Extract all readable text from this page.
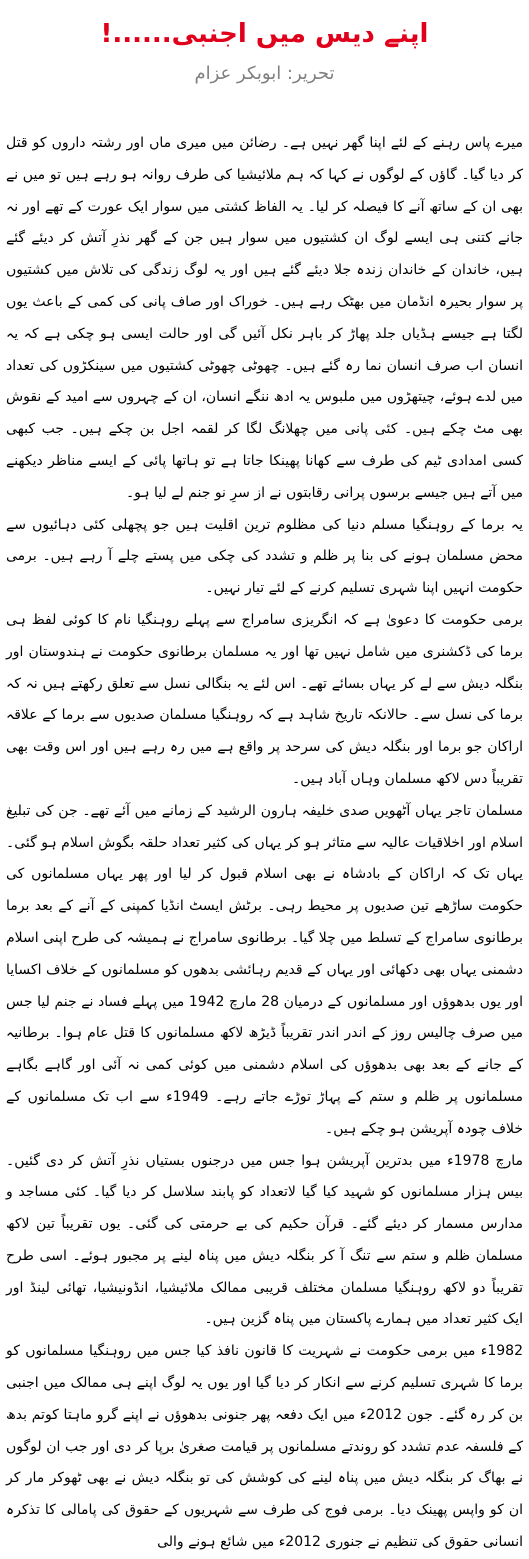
اپنے دیس میں اجنبی......!
تحریر: ابوبکر عزام

میرے پاس رہنے کے لئے اپنا گھر نہیں ہے۔ رضائن میں میری ماں اور رشتہ داروں کو قتل کر دیا گیا۔ گاؤں کے لوگوں نے کہا کہ ہم ملائیشیا کی طرف روانہ ہو رہے ہیں تو میں نے بھی ان کے ساتھ آنے کا فیصلہ کر لیا۔ یہ الفاظ کشتی میں سوار ایک عورت کے تھے اور نہ جانے کتنی ہی ایسے لوگ ان کشتیوں میں سوار ہیں جن کے گھر نذرِ آتش کر دیئے گئے ہیں، خاندان کے خاندان زندہ جلا دیئے گئے ہیں اور یہ لوگ زندگی کی تلاش میں کشتیوں پر سوار بحیرہ انڈمان میں بھٹک رہے ہیں۔ خوراک اور صاف پانی کی کمی کے باعث یوں لگتا ہے جیسے ہڈیاں جلد پھاڑ کر باہر نکل آئیں گی اور حالت ایسی ہو چکی ہے کہ یہ انسان اب صرف انسان نما رہ گئے ہیں۔ چھوٹی چھوٹی کشتیوں میں سینکڑوں کی تعداد میں لدے ہوئے، چیتھڑوں میں ملبوس یہ ادھ ننگے انسان، ان کے چہروں سے امید کے نقوش بھی مٹ چکے ہیں۔ کئی پانی میں چھلانگ لگا کر لقمہ اجل بن چکے ہیں۔ جب کبھی کسی امدادی ٹیم کی طرف سے کھانا پھینکا جاتا ہے تو ہاتھا پائی کے ایسے مناظر دیکھنے میں آتے ہیں جیسے برسوں پرانی رقابتوں نے از سرِ نو جنم لے لیا ہو۔

یہ برما کے روہنگیا مسلم دنیا کی مظلوم ترین اقلیت ہیں جو پچھلی کئی دہائیوں سے محض مسلمان ہونے کی بنا پر ظلم و تشدد کی چکی میں پستے چلے آ رہے ہیں۔ برمی حکومت انہیں اپنا شہری تسلیم کرنے کے لئے تیار نہیں۔

برمی حکومت کا دعویٰ ہے کہ انگریزی سامراج سے پہلے روہنگیا نام کا کوئی لفظ ہی برما کی ڈکشنری میں شامل نہیں تھا اور یہ مسلمان برطانوی حکومت نے ہندوستان اور بنگلہ دیش سے لے کر یہاں بسائے تھے۔ اس لئے یہ بنگالی نسل سے تعلق رکھتے ہیں نہ کہ برما کی نسل سے۔ حالانکہ تاریخ شاہد ہے کہ روہنگیا مسلمان صدیوں سے برما کے علاقہ اراکان جو برما اور بنگلہ دیش کی سرحد پر واقع ہے میں رہ رہے ہیں اور اس وقت بھی تقریباً دس لاکھ مسلمان وہاں آباد ہیں۔

مسلمان تاجر یہاں آٹھویں صدی خلیفہ ہارون الرشید کے زمانے میں آئے تھے۔ جن کی تبلیغ اسلام اور اخلاقیات عالیہ سے متاثر ہو کر یہاں کی کثیر تعداد حلقہ بگوش اسلام ہو گئی۔ یہاں تک کہ اراکان کے بادشاہ نے بھی اسلام قبول کر لیا اور پھر یہاں مسلمانوں کی حکومت ساڑھے تین صدیوں پر محیط رہی۔ برٹش ایسٹ انڈیا کمپنی کے آنے کے بعد برما برطانوی سامراج کے تسلط میں چلا گیا۔ برطانوی سامراج نے ہمیشہ کی طرح اپنی اسلام دشمنی یہاں بھی دکھائی اور یہاں کے قدیم رہائشی بدھوں کو مسلمانوں کے خلاف اکسایا اور یوں بدھوؤں اور مسلمانوں کے درمیان 28 مارچ 1942 میں پہلے فساد نے جنم لیا جس میں صرف چالیس روز کے اندر اندر تقریباً ڈیڑھ لاکھ مسلمانوں کا قتل عام ہوا۔ برطانیہ کے جانے کے بعد بھی بدھوؤں کی اسلام دشمنی میں کوئی کمی نہ آئی اور گاہے بگاہے مسلمانوں پر ظلم و ستم کے پہاڑ توڑے جاتے رہے۔ 1949ء سے اب تک مسلمانوں کے خلاف چودہ آپریشن ہو چکے ہیں۔

مارچ 1978ء میں بدترین آپریشن ہوا جس میں درجنوں بستیاں نذرِ آتش کر دی گئیں۔ بیس ہزار مسلمانوں کو شہید کیا گیا لاتعداد کو پابند سلاسل کر دیا گیا۔ کئی مساجد و مدارس مسمار کر دیئے گئے۔ قرآن حکیم کی بے حرمتی کی گئی۔ یوں تقریباً تین لاکھ مسلمان ظلم و ستم سے تنگ آ کر بنگلہ دیش میں پناہ لینے پر مجبور ہوئے۔ اسی طرح تقریباً دو لاکھ روہنگیا مسلمان مختلف قریبی ممالک ملائیشیا، انڈونیشیا، تھائی لینڈ اور ایک کثیر تعداد میں ہمارے پاکستان میں پناہ گزین ہیں۔

1982ء میں برمی حکومت نے شہریت کا قانون نافذ کیا جس میں روہنگیا مسلمانوں کو برما کا شہری تسلیم کرنے سے انکار کر دیا گیا اور یوں یہ لوگ اپنے ہی ممالک میں اجنبی بن کر رہ گئے۔ جون 2012ء میں ایک دفعہ پھر جنونی بدھوؤں نے اپنے گرو ماہتا کوتم بدھ کے فلسفہ عدم تشدد کو روندتے مسلمانوں پر قیامت صغریٰ برپا کر دی اور جب ان لوگوں نے بھاگ کر بنگلہ دیش میں پناہ لینے کی کوشش کی تو بنگلہ دیش نے بھی ٹھوکر مار کر ان کو واپس پھینک دیا۔ برمی فوج کی طرف سے شہریوں کے حقوق کی پامالی کا تذکرہ انسانی حقوق کی تنظیم نے جنوری 2012ء میں شائع ہونے والی
